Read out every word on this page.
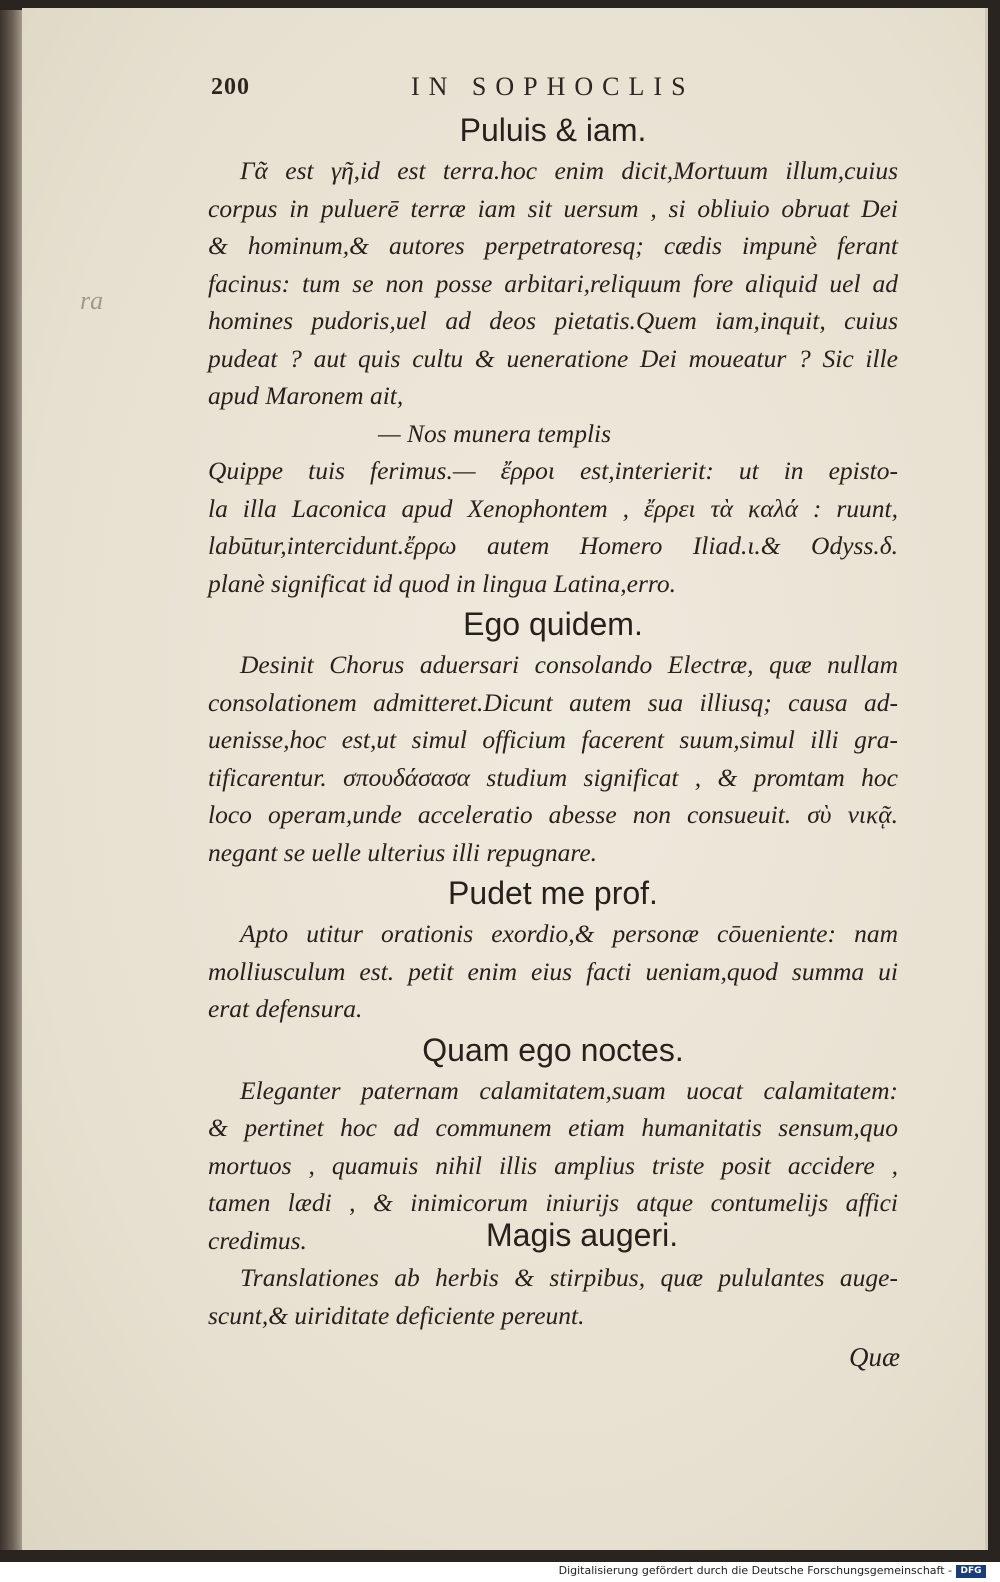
ra
200	IN SOPHOCLIS
Puluis & iam.
Γᾶ est γῆ,id est terra.hoc enim dicit,Mortuum illum,cuius
corpus in puluerē terræ iam sit uersum , si obliuio obruat Dei
& hominum,& autores perpetratoresq; cædis impunè ferant
facinus: tum se non posse arbitari,reliquum fore aliquid uel ad
homines pudoris,uel ad deos pietatis.Quem iam,inquit, cuius
pudeat ? aut quis cultu & ueneratione Dei moueatur ? Sic ille
apud Maronem ait,
— Nos munera templis
Quippe tuis ferimus.— ἔρροι est,interierit: ut in episto-
la illa Laconica apud Xenophontem , ἔρρει τὰ καλά : ruunt,
labūtur,intercidunt.ἔρρω autem Homero Iliad.ι.& Odyss.δ.
planè significat id quod in lingua Latina,erro.
Ego quidem.
Desinit Chorus aduersari consolando Electræ, quæ nullam
consolationem admitteret.Dicunt autem sua illiusq; causa ad-
uenisse,hoc est,ut simul officium facerent suum,simul illi gra-
tificarentur. σπουδάσασα studium significat , & promtam hoc
loco operam,unde acceleratio abesse non consueuit. σὺ νικᾷ.
negant se uelle ulterius illi repugnare.
Pudet me prof.
Apto utitur orationis exordio,& personæ cōueniente: nam
molliusculum est. petit enim eius facti ueniam,quod summa ui
erat defensura.
Quam ego noctes.
Eleganter paternam calamitatem,suam uocat calamitatem:
& pertinet hoc ad communem etiam humanitatis sensum,quo
mortuos , quamuis nihil illis amplius triste posit accidere ,
tamen lædi , & inimicorum iniurijs atque contumelijs affici
credimus.	Magis augeri.
Translationes ab herbis & stirpibus, quæ pululantes auge-
scunt,& uiriditate deficiente pereunt.
Quæ
Digitalisierung gefördert durch die Deutsche Forschungsgemeinschaft - DFG
